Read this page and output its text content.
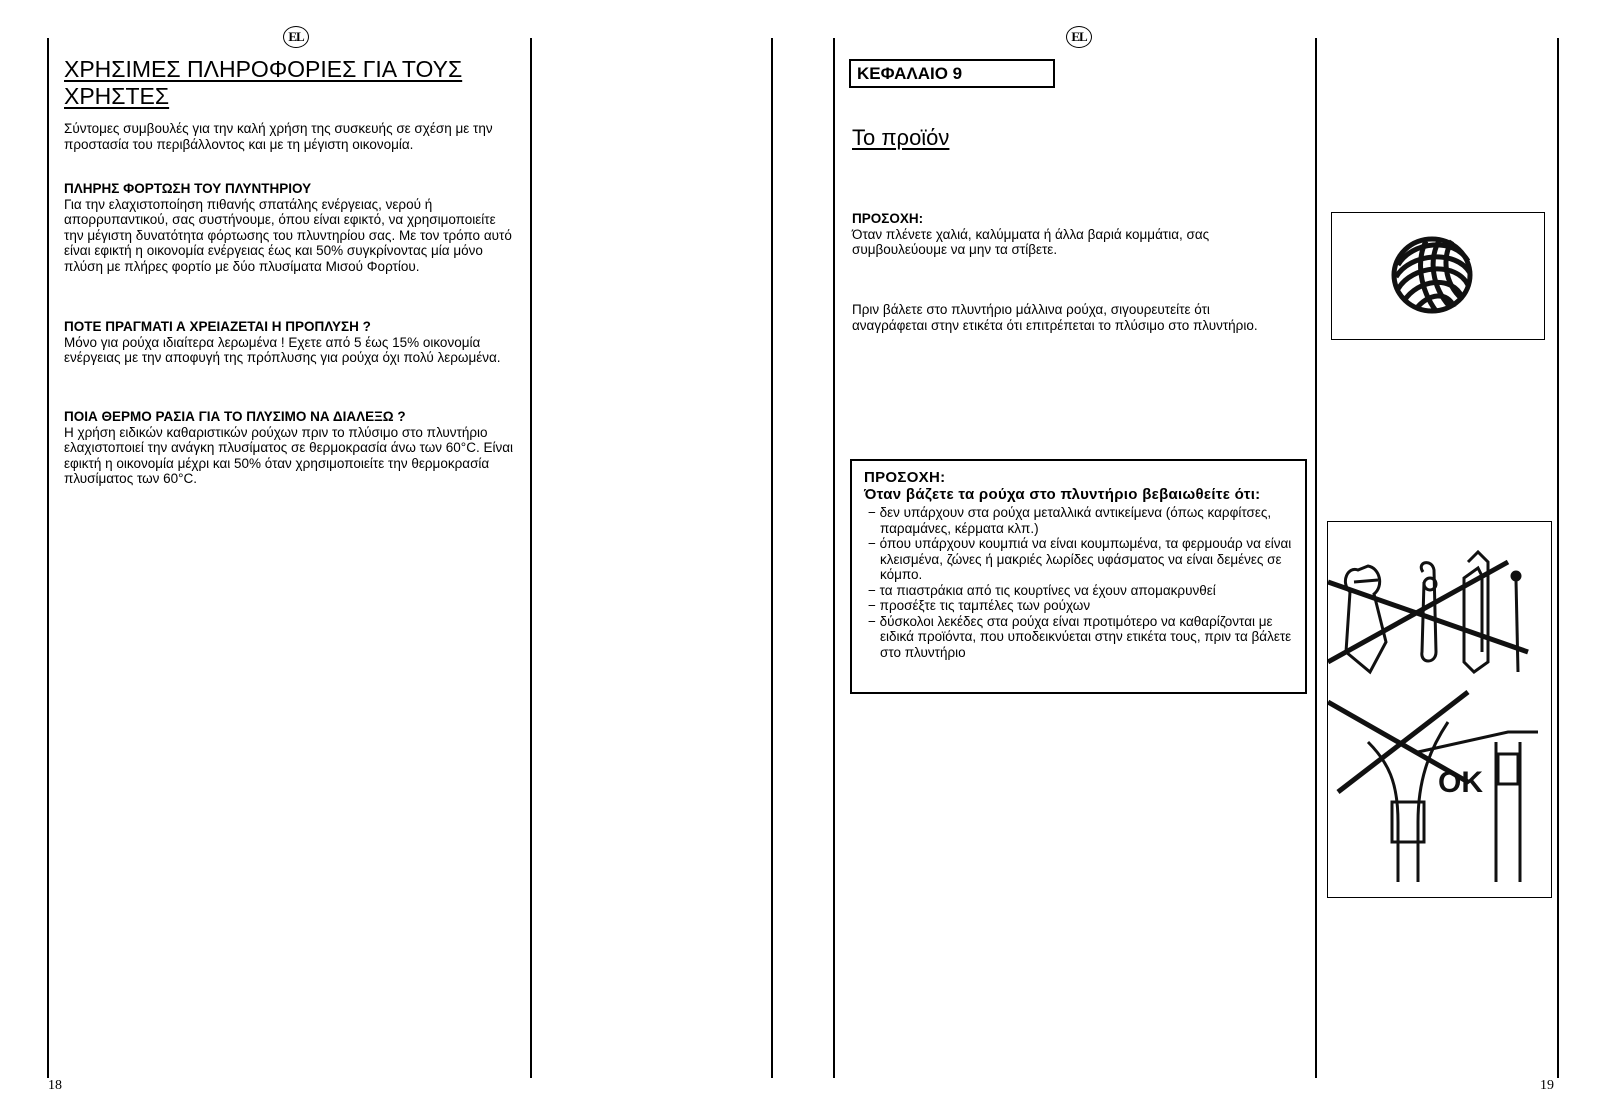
EL	EL
ΧΡΗΣΙΜΕΣ ΠΛΗΡΟΦΟΡΙΕΣ ΓΙΑ ΤΟΥΣ ΧΡΗΣΤΕΣ
Σύντομες συμβουλές για την καλή χρήση της συσκευής σε σχέση με την προστασία του περιβάλλοντος και με τη μέγιστη οικονομία.
ΠΛΗΡΗΣ ΦΟΡΤΩΣΗ ΤΟΥ ΠΛΥΝΤΗΡΙΟΥ
Για την ελαχιστοποίηση πιθανής σπατάλης ενέργειας, νερού ή απορρυπαντικού, σας συστήνουμε, όπου είναι εφικτό, να χρησιμοποιείτε την μέγιστη δυνατότητα φόρτωσης του πλυντηρίου σας. Με τον τρόπο αυτό είναι εφικτή η οικονομία ενέργειας έως και 50% συγκρίνοντας μία μόνο πλύση με πλήρες φορτίο με δύο πλυσίματα Μισού Φορτίου.
ΠΟΤΕ ΠΡΑΓΜΑΤΙ Α ΧΡΕΙΑΖΕΤΑΙ Η ΠΡΟΠΛΥΣΗ ?
Μόνο για ρούχα ιδιαίτερα λερωμένα ! Εχετε από 5 έως 15% οικονομία ενέργειας με την αποφυγή της πρόπλυσης για ρούχα όχι πολύ λερωμένα.
ΠΟΙΑ ΘΕΡΜΟ ΡΑΣΙΑ ΓΙΑ ΤΟ ΠΛΥΣΙΜΟ ΝΑ ΔΙΑΛΕΞΩ ?
Η χρήση ειδικών καθαριστικών ρούχων πριν το πλύσιμο στο πλυντήριο ελαχιστοποιεί την ανάγκη πλυσίματος σε θερμοκρασία άνω των 60°C. Είναι εφικτή η οικονομία μέχρι και 50% όταν χρησιμοποιείτε την θερμοκρασία πλυσίματος των 60°C.
18
ΚΕΦΑΛΑΙΟ 9
Το προϊόν
ΠΡΟΣΟΧΗ:
Όταν πλένετε χαλιά, καλύμματα ή άλλα βαριά κομμάτια, σας συμβουλεύουμε να μην τα στίβετε.
Πριν βάλετε στο πλυντήριο μάλλινα ρούχα, σιγουρευτείτε ότι αναγράφεται στην ετικέτα ότι επιτρέπεται το πλύσιμο στο πλυντήριο.
ΠΡΟΣΟΧΗ:
Όταν βάζετε τα ρούχα στο πλυντήριο βεβαιωθείτε ότι:
− δεν υπάρχουν στα ρούχα μεταλλικά αντικείμενα (όπως καρφίτσες, παραμάνες, κέρματα κλπ.)
− όπου υπάρχουν κουμπιά να είναι κουμπωμένα, τα φερμουάρ να είναι κλεισμένα, ζώνες ή μακριές λωρίδες υφάσματος να είναι δεμένες σε κόμπο.
− τα πιαστράκια από τις κουρτίνες να έχουν απομακρυνθεί
− προσέξτε τις ταμπέλες των ρούχων
− δύσκολοι λεκέδες στα ρούχα είναι προτιμότερο να καθαρίζονται με ειδικά προϊόντα, που υποδεικνύεται στην ετικέτα τους, πριν τα βάλετε στο πλυντήριο
OK
19
